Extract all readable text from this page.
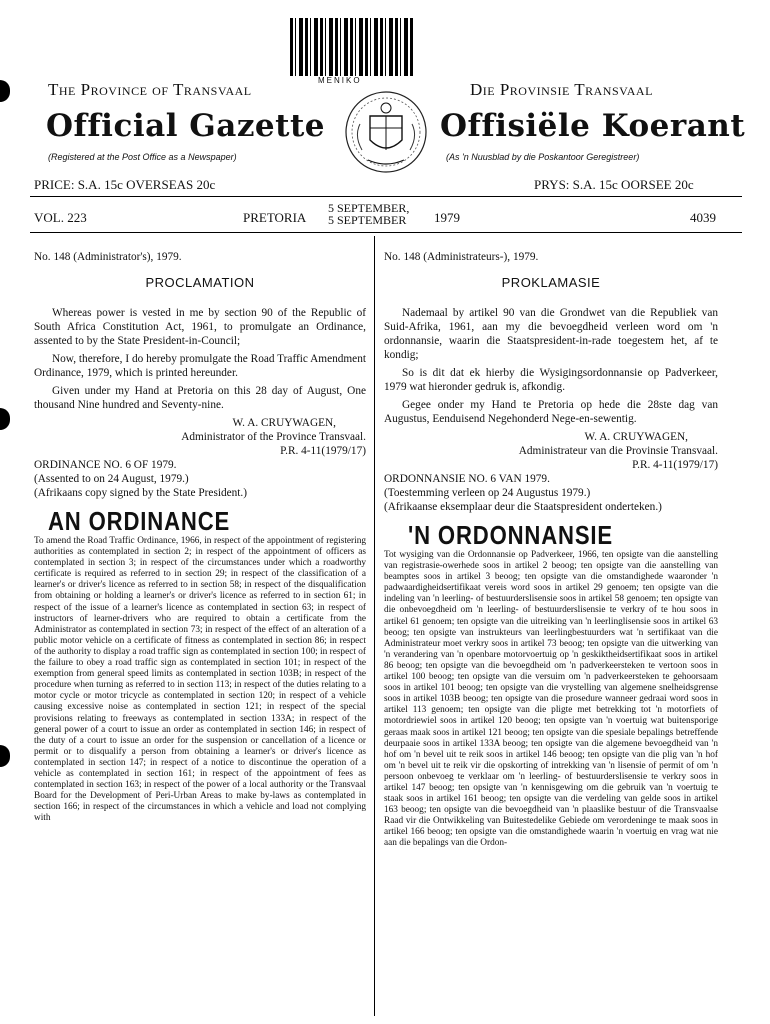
MENIKO
The Province of Transvaal
Official Gazette
(Registered at the Post Office as a Newspaper)
PRICE: S.A. 15c OVERSEAS 20c
Die Provinsie Transvaal
Offisiële Koerant
(As 'n Nuusblad by die Poskantoor Geregistreer)
PRYS: S.A. 15c OORSEE 20c
VOL. 223	PRETORIA
5 SEPTEMBER,
5 SEPTEMBER 1979	4039
No. 148 (Administrator's), 1979.
PROCLAMATION

Whereas power is vested in me by section 90 of the Republic of South Africa Constitution Act, 1961, to promulgate an Ordinance, assented to by the State President-in-Council;

Now, therefore, I do hereby promulgate the Road Traffic Amendment Ordinance, 1979, which is printed hereunder.

Given under my Hand at Pretoria on this 28 day of August, One thousand Nine hundred and Seventy-nine.

W. A. CRUYWAGEN,
Administrator of the Province Transvaal.
P.R. 4-11(1979/17)
ORDINANCE NO. 6 OF 1979.
(Assented to on 24 August, 1979.)
(Afrikaans copy signed by the State President.)
AN ORDINANCE
To amend the Road Traffic Ordinance, 1966, in respect of the appointment of registering authorities as contemplated in section 2; in respect of the appointment of officers as contemplated in section 3; in respect of the circumstances under which a roadworthy certificate is required as referred to in section 29; in respect of the classification of a learner's or driver's licence as referred to in section 58; in respect of the disqualification from obtaining or holding a learner's or driver's licence as referred to in section 61; in respect of the issue of a learner's licence as contemplated in section 63; in respect of instructors of learner-drivers who are required to obtain a certificate from the Administrator as contemplated in section 73; in respect of the effect of an alteration of a public motor vehicle on a certificate of fitness as contemplated in section 86; in respect of the authority to display a road traffic sign as contemplated in section 100; in respect of the failure to obey a road traffic sign as contemplated in section 101; in respect of the exemption from general speed limits as contemplated in section 103B; in respect of the procedure when turning as referred to in section 113; in respect of the duties relating to a motor cycle or motor tricycle as contemplated in section 120; in respect of a vehicle causing excessive noise as contemplated in section 121; in respect of the special provisions relating to freeways as contemplated in section 133A; in respect of the general power of a court to issue an order as contemplated in section 146; in respect of the duty of a court to issue an order for the suspension or cancellation of a licence or permit or to disqualify a person from obtaining a learner's or driver's licence as contemplated in section 147; in respect of a notice to discontinue the operation of a vehicle as contemplated in section 161; in respect of the appointment of fees as contemplated in section 163; in respect of the power of a local authority or the Transvaal Board for the Development of Peri-Urban Areas to make by-laws as contemplated in section 166; in respect of the circumstances in which a vehicle and load not complying with
No. 148 (Administrateurs-), 1979.
PROKLAMASIE

Nademaal by artikel 90 van die Grondwet van die Republiek van Suid-Afrika, 1961, aan my die bevoegdheid verleen word om 'n ordonnansie, waarin die Staatspresident-in-rade toegestem het, af te kondig;

So is dit dat ek hierby die Wysigingsordonnansie op Padverkeer, 1979 wat hieronder gedruk is, afkondig.

Gegee onder my Hand te Pretoria op hede die 28ste dag van Augustus, Eenduisend Negehonderd Nege-en-sewentig.

W. A. CRUYWAGEN,
Administrateur van die Provinsie Transvaal.
P.R. 4-11(1979/17)
ORDONNANSIE NO. 6 VAN 1979.
(Toestemming verleen op 24 Augustus 1979.)
(Afrikaanse eksemplaar deur die Staatspresident onderteken.)
'N ORDONNANSIE
Tot wysiging van die Ordonnansie op Padverkeer, 1966, ten opsigte van die aanstelling van registrasie-owerhede soos in artikel 2 beoog; ten opsigte van die aanstelling van beamptes soos in artikel 3 beoog; ten opsigte van die omstandighede waaronder 'n padwaardigheidsertifikaat vereis word soos in artikel 29 genoem; ten opsigte van die indeling van 'n leerling- of bestuurderslisensie soos in artikel 58 genoem; ten opsigte van die onbevoegdheid om 'n leerling- of bestuurderslisensie te verkry of te hou soos in artikel 61 genoem; ten opsigte van die uitreiking van 'n leerlinglisensie soos in artikel 63 beoog; ten opsigte van instrukteurs van leerlingbestuurders wat 'n sertifikaat van die Administrateur moet verkry soos in artikel 73 beoog; ten opsigte van die uitwerking van 'n verandering van 'n openbare motorvoertuig op 'n geskiktheidsertifikaat soos in artikel 86 beoog; ten opsigte van die bevoegdheid om 'n padverkeersteken te vertoon soos in artikel 100 beoog; ten opsigte van die versuim om 'n padverkeersteken te gehoorsaam soos in artikel 101 beoog; ten opsigte van die vrystelling van algemene snelheidsgrense soos in artikel 103B beoog; ten opsigte van die prosedure wanneer gedraai word soos in artikel 113 genoem; ten opsigte van die pligte met betrekking tot 'n motorfiets of motordriewiel soos in artikel 120 beoog; ten opsigte van 'n voertuig wat buitensporige geraas maak soos in artikel 121 beoog; ten opsigte van die spesiale bepalings betreffende deurpaaie soos in artikel 133A beoog; ten opsigte van die algemene bevoegdheid van 'n hof om 'n bevel uit te reik soos in artikel 146 beoog; ten opsigte van die plig van 'n hof om 'n bevel uit te reik vir die opskorting of intrekking van 'n lisensie of permit of om 'n persoon onbevoeg te verklaar om 'n leerling- of bestuurderslisensie te verkry soos in artikel 147 beoog; ten opsigte van 'n kennisgewing om die gebruik van 'n voertuig te staak soos in artikel 161 beoog; ten opsigte van die verdeling van gelde soos in artikel 163 beoog; ten opsigte van die bevoegdheid van 'n plaaslike bestuur of die Transvaalse Raad vir die Ontwikkeling van Buitestedelike Gebiede om verordeninge te maak soos in artikel 166 beoog; ten opsigte van die omstandighede waarin 'n voertuig en vrag wat nie aan die bepalings van die Ordon-
